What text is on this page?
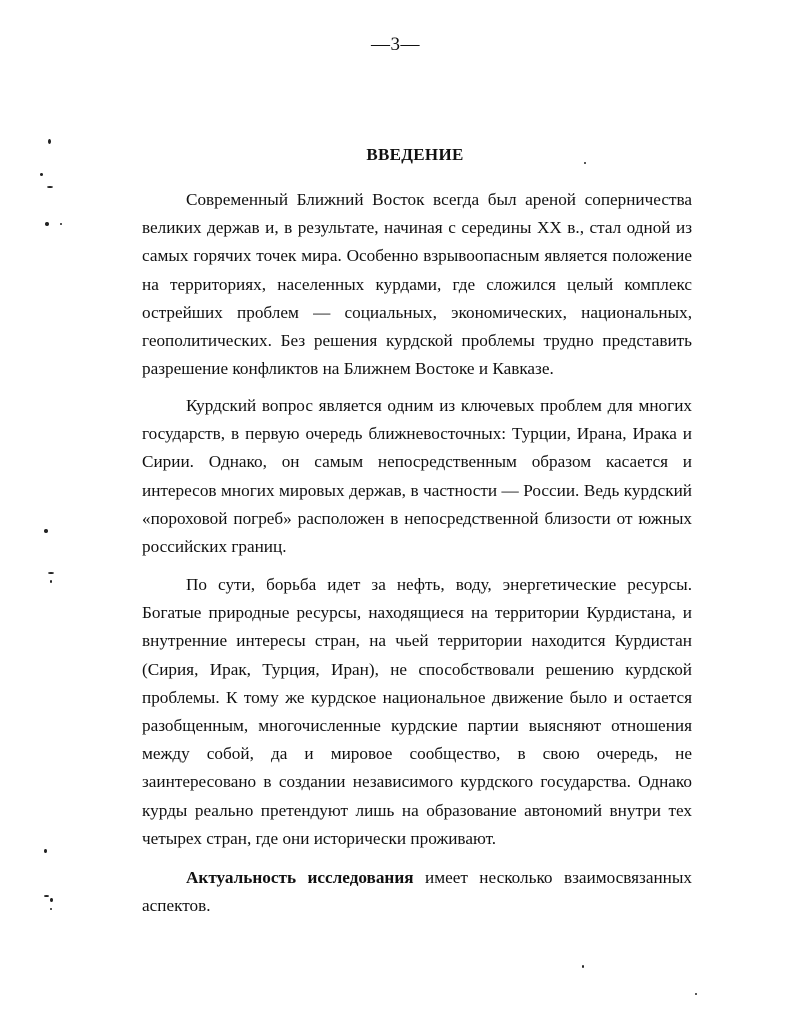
—3—
ВВЕДЕНИЕ

Современный Ближний Восток всегда был ареной соперничества великих держав и, в результате, начиная с середины XX в., стал одной из самых горячих точек мира. Особенно взрывоопасным является положение на территориях, населенных курдами, где сложился целый комплекс острейших проблем — социальных, экономических, национальных, геополитических. Без решения курдской проблемы трудно представить разрешение конфликтов на Ближнем Востоке и Кавказе.

Курдский вопрос является одним из ключевых проблем для многих государств, в первую очередь ближневосточных: Турции, Ирана, Ирака и Сирии. Однако, он самым непосредственным образом касается и интересов многих мировых держав, в частности — России. Ведь курдский «пороховой погреб» расположен в непосредственной близости от южных российских границ.

По сути, борьба идет за нефть, воду, энергетические ресурсы. Богатые природные ресурсы, находящиеся на территории Курдистана, и внутренние интересы стран, на чьей территории находится Курдистан (Сирия, Ирак, Турция, Иран), не способствовали решению курдской проблемы. К тому же курдское национальное движение было и остается разобщенным, многочисленные курдские партии выясняют отношения между собой, да и мировое сообщество, в свою очередь, не заинтересовано в создании независимого курдского государства. Однако курды реально претендуют лишь на образование автономий внутри тех четырех стран, где они исторически проживают.

Актуальность исследования имеет несколько взаимосвязанных аспектов.
